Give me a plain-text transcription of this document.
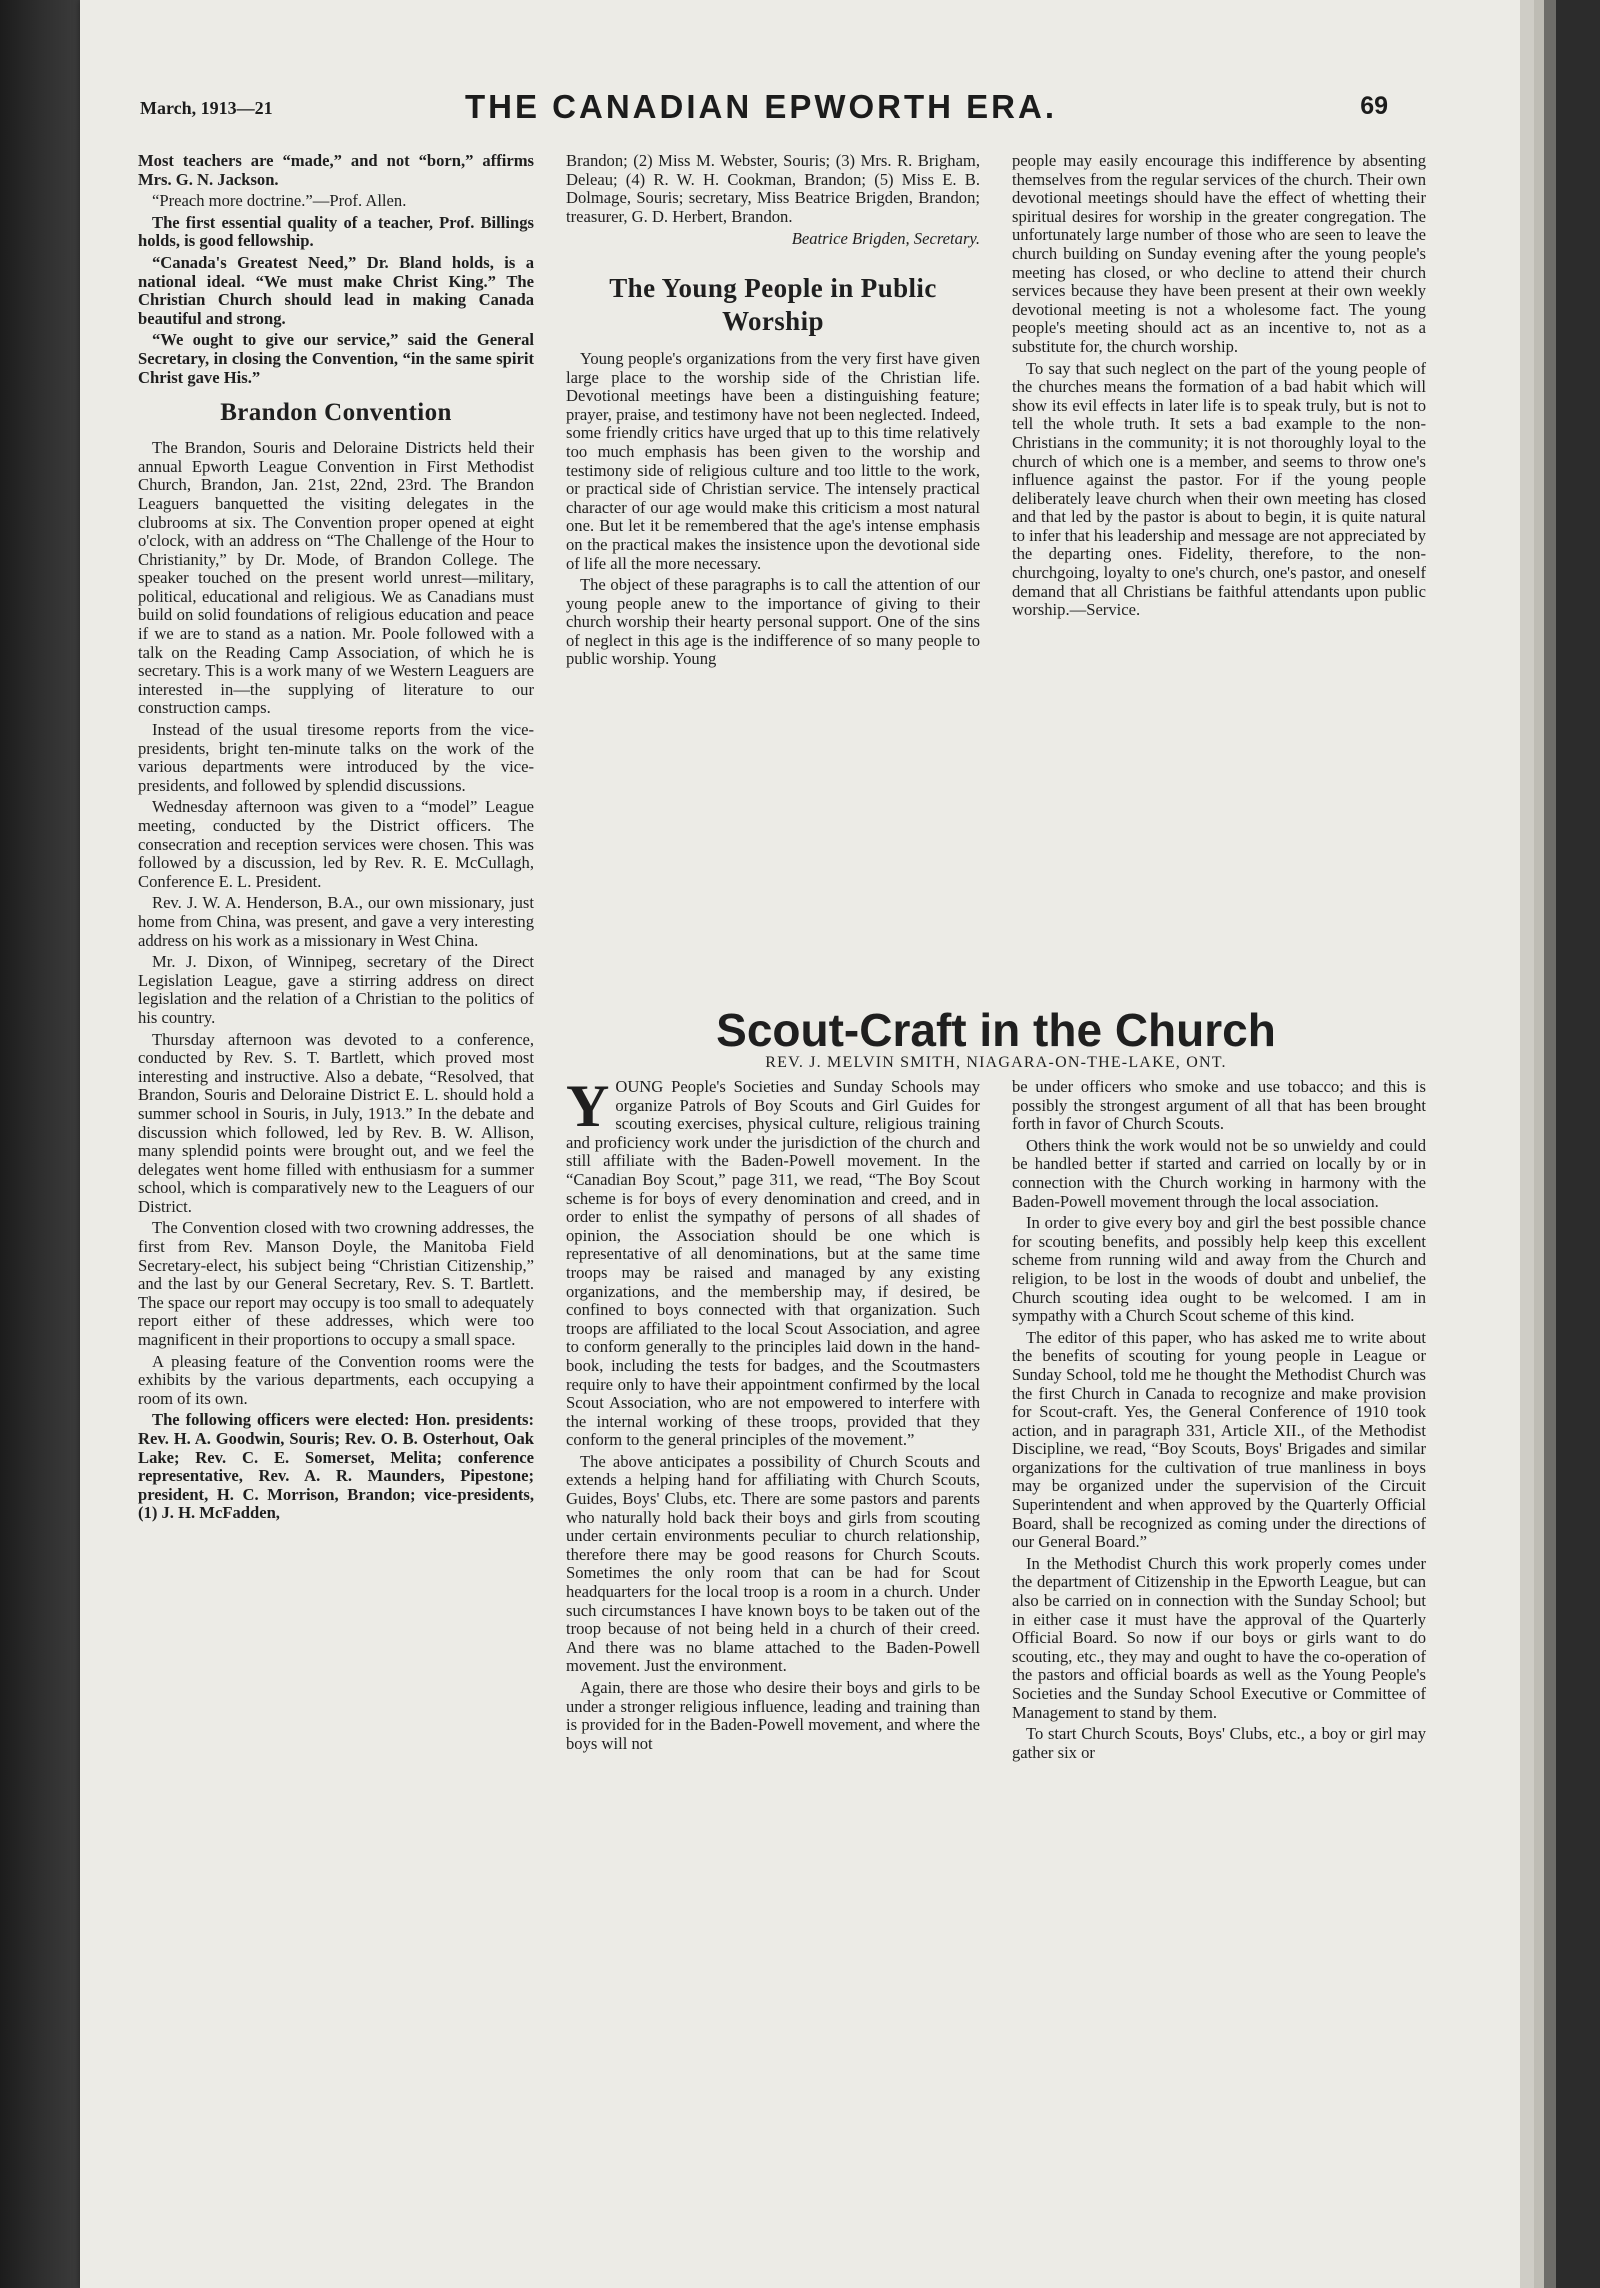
March, 1913—21	THE CANADIAN EPWORTH ERA.	69

Most teachers are “made,” and not “born,” affirms Mrs. G. N. Jackson.

“Preach more doctrine.”—Prof. Allen.

The first essential quality of a teacher, Prof. Billings holds, is good fellowship.

“Canada's Greatest Need,” Dr. Bland holds, is a national ideal. “We must make Christ King.” The Christian Church should lead in making Canada beautiful and strong.

“We ought to give our service,” said the General Secretary, in closing the Convention, “in the same spirit Christ gave His.”

Brandon Convention

The Brandon, Souris and Deloraine Districts held their annual Epworth League Convention in First Methodist Church, Brandon, Jan. 21st, 22nd, 23rd. The Brandon Leaguers banquetted the visiting delegates in the clubrooms at six. The Convention proper opened at eight o'clock, with an address on “The Challenge of the Hour to Christianity,” by Dr. Mode, of Brandon College. The speaker touched on the present world unrest—military, political, educational and religious. We as Canadians must build on solid foundations of religious education and peace if we are to stand as a nation. Mr. Poole followed with a talk on the Reading Camp Association, of which he is secretary. This is a work many of we Western Leaguers are interested in—the supplying of literature to our construction camps.

Instead of the usual tiresome reports from the vice-presidents, bright ten-minute talks on the work of the various departments were introduced by the vice-presidents, and followed by splendid discussions.

Wednesday afternoon was given to a “model” League meeting, conducted by the District officers. The consecration and reception services were chosen. This was followed by a discussion, led by Rev. R. E. McCullagh, Conference E. L. President.

Rev. J. W. A. Henderson, B.A., our own missionary, just home from China, was present, and gave a very interesting address on his work as a missionary in West China.

Mr. J. Dixon, of Winnipeg, secretary of the Direct Legislation League, gave a stirring address on direct legislation and the relation of a Christian to the politics of his country.

Thursday afternoon was devoted to a conference, conducted by Rev. S. T. Bartlett, which proved most interesting and instructive. Also a debate, “Resolved, that Brandon, Souris and Deloraine District E. L. should hold a summer school in Souris, in July, 1913.” In the debate and discussion which followed, led by Rev. B. W. Allison, many splendid points were brought out, and we feel the delegates went home filled with enthusiasm for a summer school, which is comparatively new to the Leaguers of our District.

The Convention closed with two crowning addresses, the first from Rev. Manson Doyle, the Manitoba Field Secretary-elect, his subject being “Christian Citizenship,” and the last by our General Secretary, Rev. S. T. Bartlett. The space our report may occupy is too small to adequately report either of these addresses, which were too magnificent in their proportions to occupy a small space.

A pleasing feature of the Convention rooms were the exhibits by the various departments, each occupying a room of its own.

The following officers were elected: Hon. presidents: Rev. H. A. Goodwin, Souris; Rev. O. B. Osterhout, Oak Lake; Rev. C. E. Somerset, Melita; conference representative, Rev. A. R. Maunders, Pipestone; president, H. C. Morrison, Brandon; vice-presidents, (1) J. H. McFadden,

Brandon; (2) Miss M. Webster, Souris; (3) Mrs. R. Brigham, Deleau; (4) R. W. H. Cookman, Brandon; (5) Miss E. B. Dolmage, Souris; secretary, Miss Beatrice Brigden, Brandon; treasurer, G. D. Herbert, Brandon.

Beatrice Brigden, Secretary.

The Young People in Public Worship

Young people's organizations from the very first have given large place to the worship side of the Christian life. Devotional meetings have been a distinguishing feature; prayer, praise, and testimony have not been neglected. Indeed, some friendly critics have urged that up to this time relatively too much emphasis has been given to the worship and testimony side of religious culture and too little to the work, or practical side of Christian service. The intensely practical character of our age would make this criticism a most natural one. But let it be remembered that the age's intense emphasis on the practical makes the insistence upon the devotional side of life all the more necessary.

The object of these paragraphs is to call the attention of our young people anew to the importance of giving to their church worship their hearty personal support. One of the sins of neglect in this age is the indifference of so many people to public worship. Young

people may easily encourage this indifference by absenting themselves from the regular services of the church. Their own devotional meetings should have the effect of whetting their spiritual desires for worship in the greater congregation. The unfortunately large number of those who are seen to leave the church building on Sunday evening after the young people's meeting has closed, or who decline to attend their church services because they have been present at their own weekly devotional meeting is not a wholesome fact. The young people's meeting should act as an incentive to, not as a substitute for, the church worship.

To say that such neglect on the part of the young people of the churches means the formation of a bad habit which will show its evil effects in later life is to speak truly, but is not to tell the whole truth. It sets a bad example to the non-Christians in the community; it is not thoroughly loyal to the church of which one is a member, and seems to throw one's influence against the pastor. For if the young people deliberately leave church when their own meeting has closed and that led by the pastor is about to begin, it is quite natural to infer that his leadership and message are not appreciated by the departing ones. Fidelity, therefore, to the non-churchgoing, loyalty to one's church, one's pastor, and oneself demand that all Christians be faithful attendants upon public worship.—Service.

Scout-Craft in the Church
REV. J. MELVIN SMITH, NIAGARA-ON-THE-LAKE, ONT.

YOUNG People's Societies and Sunday Schools may organize Patrols of Boy Scouts and Girl Guides for scouting exercises, physical culture, religious training and proficiency work under the jurisdiction of the church and still affiliate with the Baden-Powell movement. In the “Canadian Boy Scout,” page 311, we read, “The Boy Scout scheme is for boys of every denomination and creed, and in order to enlist the sympathy of persons of all shades of opinion, the Association should be one which is representative of all denominations, but at the same time troops may be raised and managed by any existing organizations, and the membership may, if desired, be confined to boys connected with that organization. Such troops are affiliated to the local Scout Association, and agree to conform generally to the principles laid down in the hand-book, including the tests for badges, and the Scoutmasters require only to have their appointment confirmed by the local Scout Association, who are not empowered to interfere with the internal working of these troops, provided that they conform to the general principles of the movement.”

The above anticipates a possibility of Church Scouts and extends a helping hand for affiliating with Church Scouts, Guides, Boys' Clubs, etc. There are some pastors and parents who naturally hold back their boys and girls from scouting under certain environments peculiar to church relationship, therefore there may be good reasons for Church Scouts. Sometimes the only room that can be had for Scout headquarters for the local troop is a room in a church. Under such circumstances I have known boys to be taken out of the troop because of not being held in a church of their creed. And there was no blame attached to the Baden-Powell movement. Just the environment.

Again, there are those who desire their boys and girls to be under a stronger religious influence, leading and training than is provided for in the Baden-Powell movement, and where the boys will not

be under officers who smoke and use tobacco; and this is possibly the strongest argument of all that has been brought forth in favor of Church Scouts.

Others think the work would not be so unwieldy and could be handled better if started and carried on locally by or in connection with the Church working in harmony with the Baden-Powell movement through the local association.

In order to give every boy and girl the best possible chance for scouting benefits, and possibly help keep this excellent scheme from running wild and away from the Church and religion, to be lost in the woods of doubt and unbelief, the Church scouting idea ought to be welcomed. I am in sympathy with a Church Scout scheme of this kind.

The editor of this paper, who has asked me to write about the benefits of scouting for young people in League or Sunday School, told me he thought the Methodist Church was the first Church in Canada to recognize and make provision for Scout-craft. Yes, the General Conference of 1910 took action, and in paragraph 331, Article XII., of the Methodist Discipline, we read, “Boy Scouts, Boys' Brigades and similar organizations for the cultivation of true manliness in boys may be organized under the supervision of the Circuit Superintendent and when approved by the Quarterly Official Board, shall be recognized as coming under the directions of our General Board.”

In the Methodist Church this work properly comes under the department of Citizenship in the Epworth League, but can also be carried on in connection with the Sunday School; but in either case it must have the approval of the Quarterly Official Board. So now if our boys or girls want to do scouting, etc., they may and ought to have the co-operation of the pastors and official boards as well as the Young People's Societies and the Sunday School Executive or Committee of Management to stand by them.

To start Church Scouts, Boys' Clubs, etc., a boy or girl may gather six or
